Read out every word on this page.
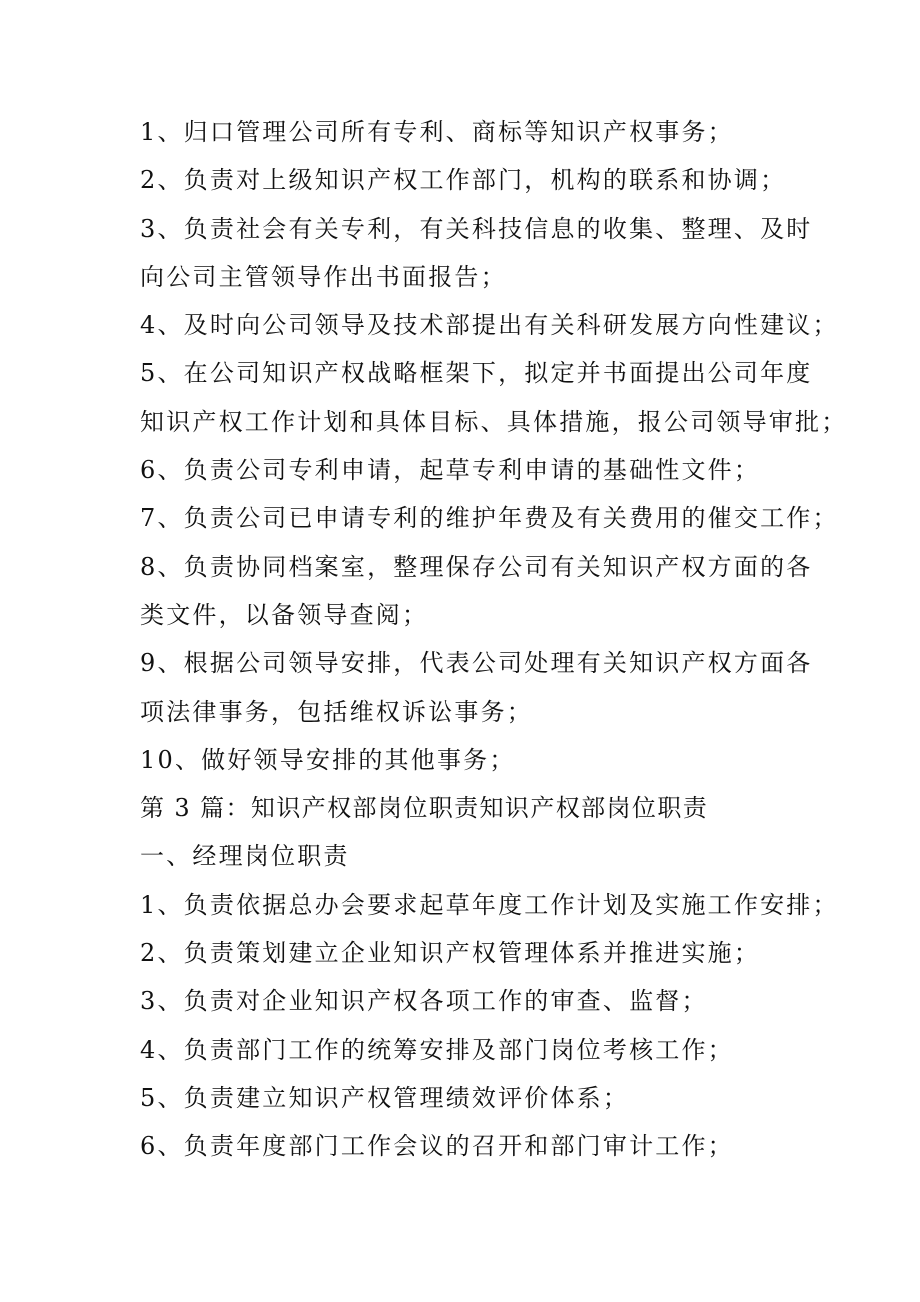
1、归口管理公司所有专利、商标等知识产权事务；
2、负责对上级知识产权工作部门，机构的联系和协调；
3、负责社会有关专利，有关科技信息的收集、整理、及时
向公司主管领导作出书面报告；
4、及时向公司领导及技术部提出有关科研发展方向性建议；
5、在公司知识产权战略框架下，拟定并书面提出公司年度
知识产权工作计划和具体目标、具体措施，报公司领导审批；
6、负责公司专利申请，起草专利申请的基础性文件；
7、负责公司已申请专利的维护年费及有关费用的催交工作；
8、负责协同档案室，整理保存公司有关知识产权方面的各
类文件，以备领导查阅；
9、根据公司领导安排，代表公司处理有关知识产权方面各
项法律事务，包括维权诉讼事务；
10、做好领导安排的其他事务；
第 3 篇：知识产权部岗位职责知识产权部岗位职责
一、经理岗位职责
1、负责依据总办会要求起草年度工作计划及实施工作安排；
2、负责策划建立企业知识产权管理体系并推进实施；
3、负责对企业知识产权各项工作的审查、监督；
4、负责部门工作的统筹安排及部门岗位考核工作；
5、负责建立知识产权管理绩效评价体系；
6、负责年度部门工作会议的召开和部门审计工作；
